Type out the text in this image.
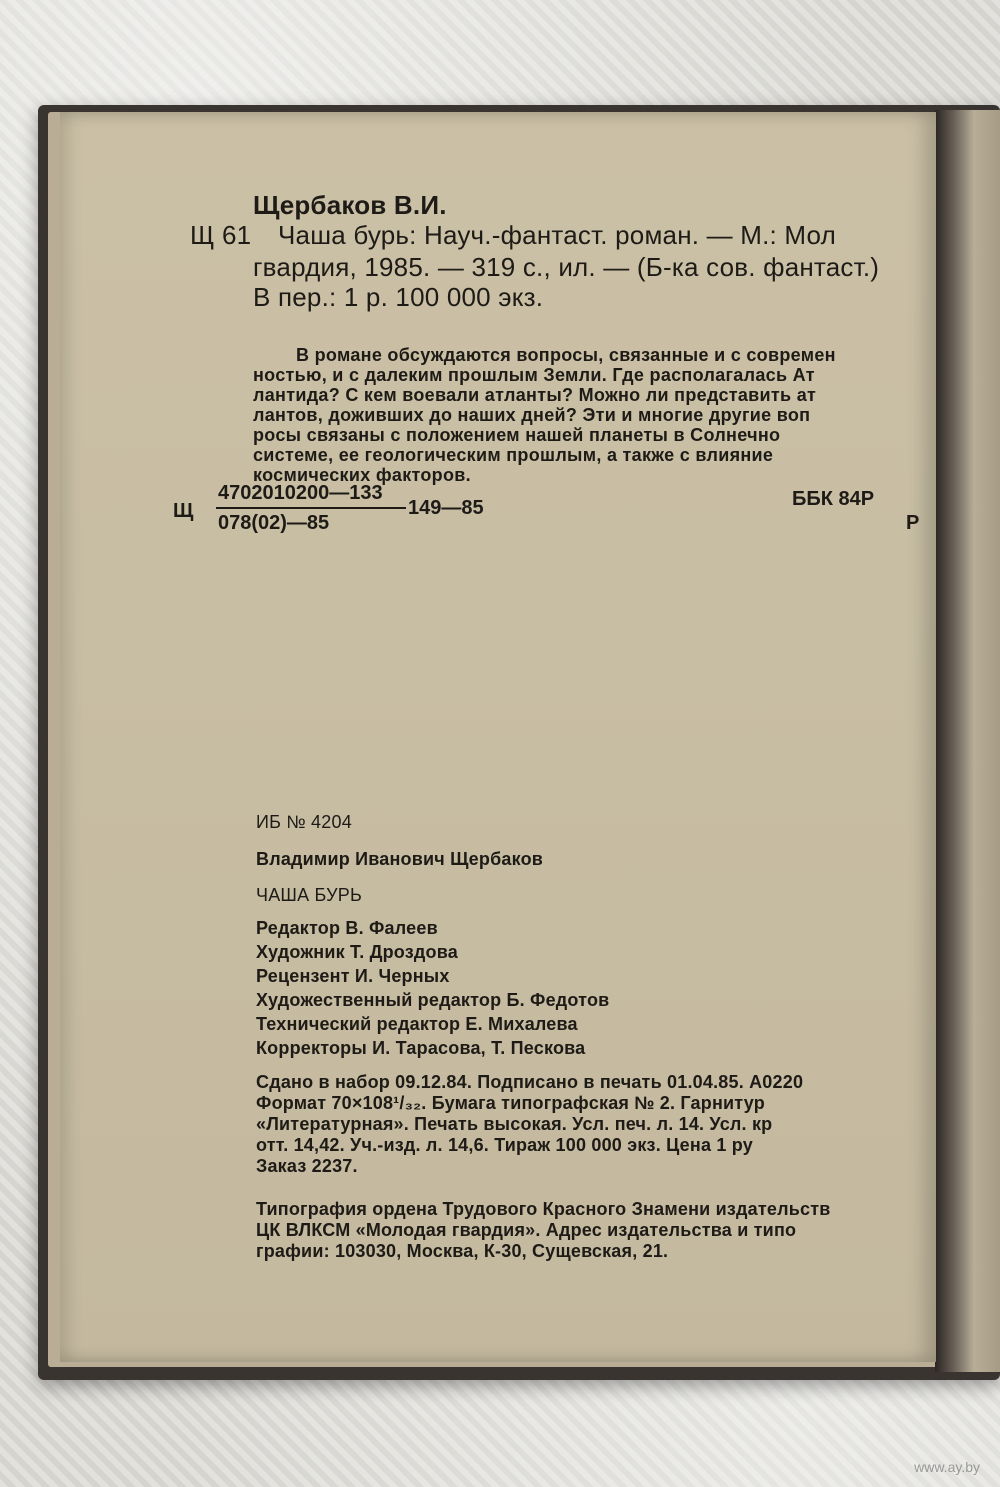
Щербаков В.И.
Щ 61 Чаша бурь: Науч.-фантаст. роман. — М.: Мол
гвардия, 1985. — 319 с., ил. — (Б-ка сов. фантаст.)
В пер.: 1 р. 100 000 экз.
В романе обсуждаются вопросы, связанные и с современ
ностью, и с далеким прошлым Земли. Где располагалась Ат
лантида? С кем воевали атланты? Можно ли представить ат
лантов, доживших до наших дней? Эти и многие другие воп
росы связаны с положением нашей планеты в Солнечно
системе, ее геологическим прошлым, а также с влияние
космических факторов.
Щ
4702010200—133
078(02)—85
149—85	ББК 84Р
Р
ИБ № 4204
Владимир Иванович Щербаков
ЧАША БУРЬ
Редактор В. Фалеев
Художник Т. Дроздова
Рецензент И. Черных
Художественный редактор Б. Федотов
Технический редактор Е. Михалева
Корректоры И. Тарасова, Т. Пескова
Сдано в набор 09.12.84. Подписано в печать 01.04.85. А0220
Формат 70×108¹/₃₂. Бумага типографская № 2. Гарнитур
«Литературная». Печать высокая. Усл. печ. л. 14. Усл. кр
отт. 14,42. Уч.-изд. л. 14,6. Тираж 100 000 экз. Цена 1 ру
Заказ 2237.
Типография ордена Трудового Красного Знамени издательств
ЦК ВЛКСМ «Молодая гвардия». Адрес издательства и типо
графии: 103030, Москва, К-30, Сущевская, 21.
www.ay.by
